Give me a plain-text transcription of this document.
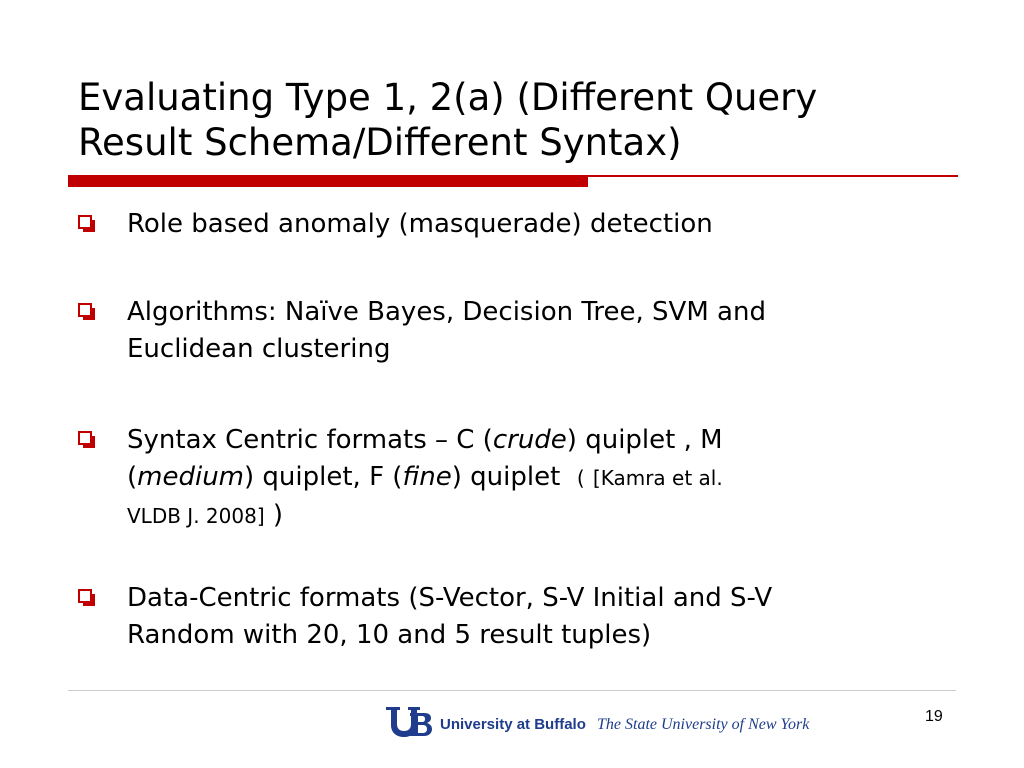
Evaluating Type 1, 2(a) (Different Query
Result Schema/Different Syntax)
Role based anomaly (masquerade) detection
Algorithms: Naïve Bayes, Decision Tree, SVM and
Euclidean clustering
Syntax Centric formats – C (crude) quiplet , M
(medium) quiplet, F (fine) quiplet ( [Kamra et al.
VLDB J. 2008] )
Data-Centric formats (S-Vector, S-V Initial and S-V
Random with 20, 10 and 5 result tuples)
University at Buffalo The State University of New York	19
